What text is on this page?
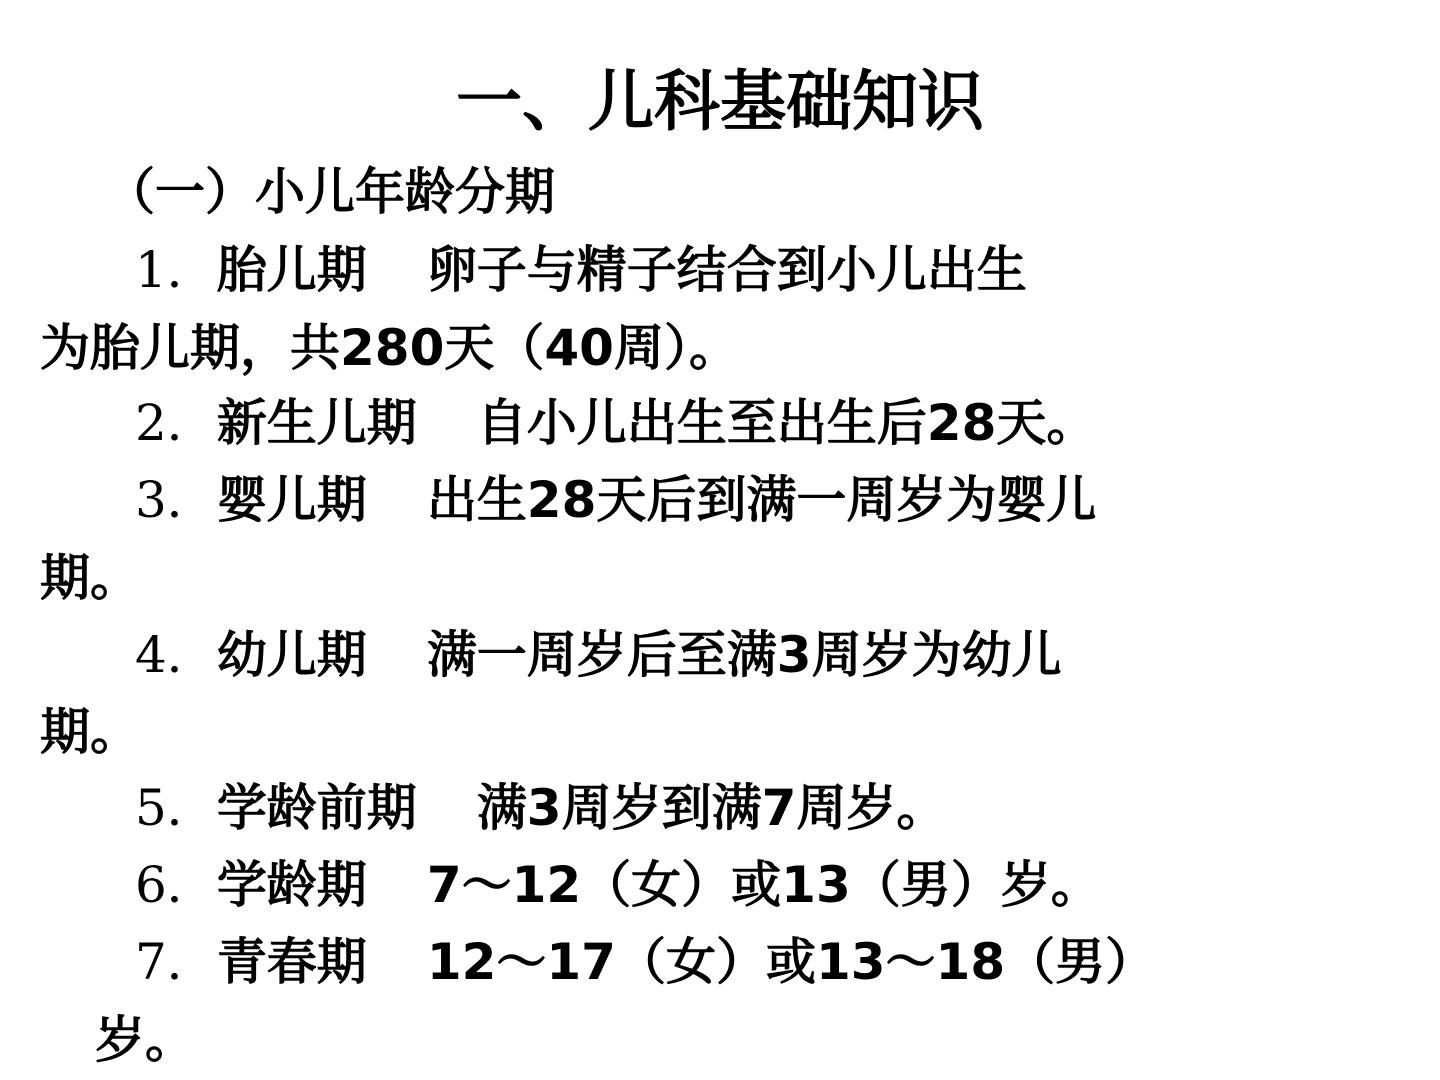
一、儿科基础知识
（一）小儿年龄分期
1．胎儿期 卵子与精子结合到小儿出生
为胎儿期，共280天（40周）。
2．新生儿期 自小儿出生至出生后28天。
3．婴儿期 出生28天后到满一周岁为婴儿
期。
4．幼儿期 满一周岁后至满3周岁为幼儿
期。
5．学龄前期 满3周岁到满7周岁。
6．学龄期 7～12（女）或13（男）岁。
7．青春期 12～17（女）或13～18（男）
岁。
